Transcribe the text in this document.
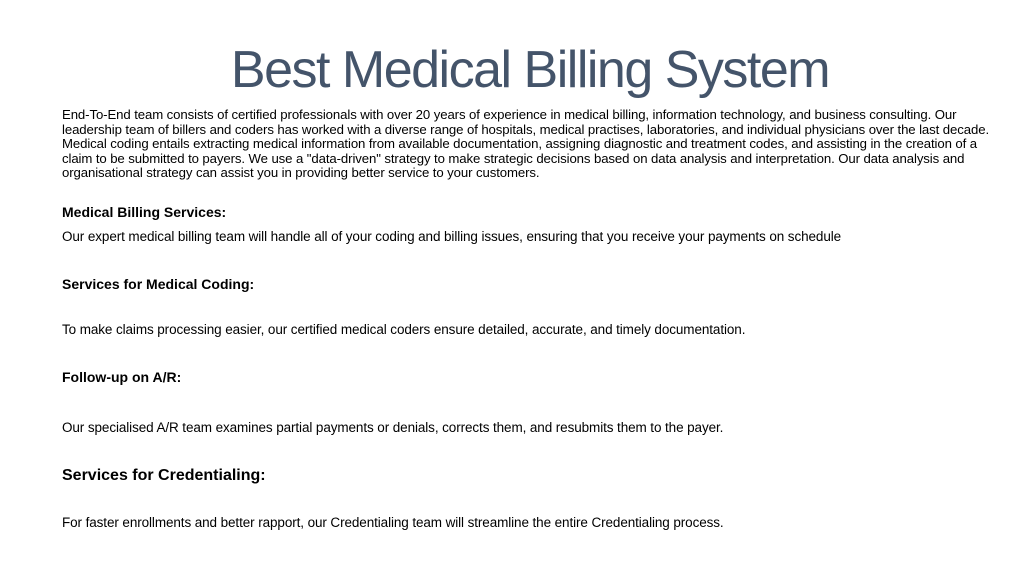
Best Medical Billing System
End-To-End team consists of certified professionals with over 20 years of experience in medical billing, information technology, and business consulting. Our leadership team of billers and coders has worked with a diverse range of hospitals, medical practises, laboratories, and individual physicians over the last decade. Medical coding entails extracting medical information from available documentation, assigning diagnostic and treatment codes, and assisting in the creation of a claim to be submitted to payers. We use a "data-driven" strategy to make strategic decisions based on data analysis and interpretation. Our data analysis and organisational strategy can assist you in providing better service to your customers.
Medical Billing Services:
Our expert medical billing team will handle all of your coding and billing issues, ensuring that you receive your payments on schedule
Services for Medical Coding:
To make claims processing easier, our certified medical coders ensure detailed, accurate, and timely documentation.
Follow-up on A/R:
Our specialised A/R team examines partial payments or denials, corrects them, and resubmits them to the payer.
Services for Credentialing:
For faster enrollments and better rapport, our Credentialing team will streamline the entire Credentialing process.
